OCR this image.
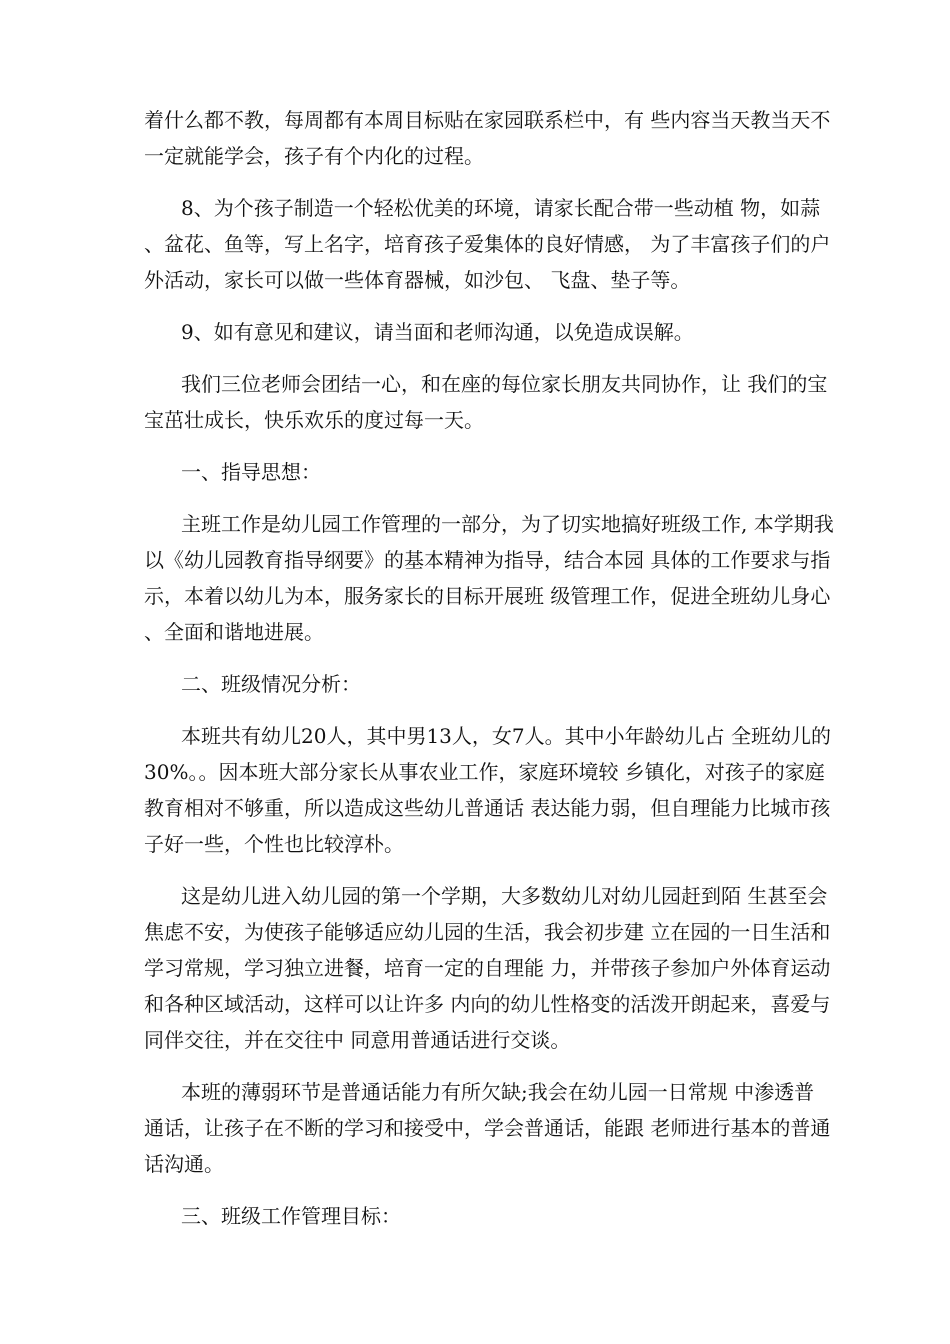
着什么都不教，每周都有本周目标贴在家园联系栏中，有 些内容当天教当天不一定就能学会，孩子有个内化的过程。

8、为个孩子制造一个轻松优美的环境，请家长配合带一些动植 物，如蒜、盆花、鱼等，写上名字，培育孩子爱集体的良好情感， 为了丰富孩子们的户外活动，家长可以做一些体育器械，如沙包、 飞盘、垫子等。

9、如有意见和建议，请当面和老师沟通，以免造成误解。

我们三位老师会团结一心，和在座的每位家长朋友共同协作，让 我们的宝宝茁壮成长，快乐欢乐的度过每一天。

一、指导思想：

主班工作是幼儿园工作管理的一部分，为了切实地搞好班级工作, 本学期我以《幼儿园教育指导纲要》的基本精神为指导，结合本园 具体的工作要求与指示，本着以幼儿为本，服务家长的目标开展班 级管理工作，促进全班幼儿身心、全面和谐地进展。

二、班级情况分析：

本班共有幼儿20人，其中男13人，女7人。其中小年龄幼儿占 全班幼儿的30%。。因本班大部分家长从事农业工作，家庭环境较 乡镇化，对孩子的家庭教育相对不够重，所以造成这些幼儿普通话 表达能力弱，但自理能力比城市孩子好一些，个性也比较淳朴。

这是幼儿进入幼儿园的第一个学期，大多数幼儿对幼儿园赶到陌 生甚至会焦虑不安，为使孩子能够适应幼儿园的生活，我会初步建 立在园的一日生活和学习常规，学习独立进餐，培育一定的自理能 力，并带孩子参加户外体育运动和各种区域活动，这样可以让许多 内向的幼儿性格变的活泼开朗起来，喜爱与同伴交往，并在交往中 同意用普通话进行交谈。

本班的薄弱环节是普通话能力有所欠缺;我会在幼儿园一日常规 中渗透普通话，让孩子在不断的学习和接受中，学会普通话，能跟 老师进行基本的普通话沟通。

三、班级工作管理目标：
